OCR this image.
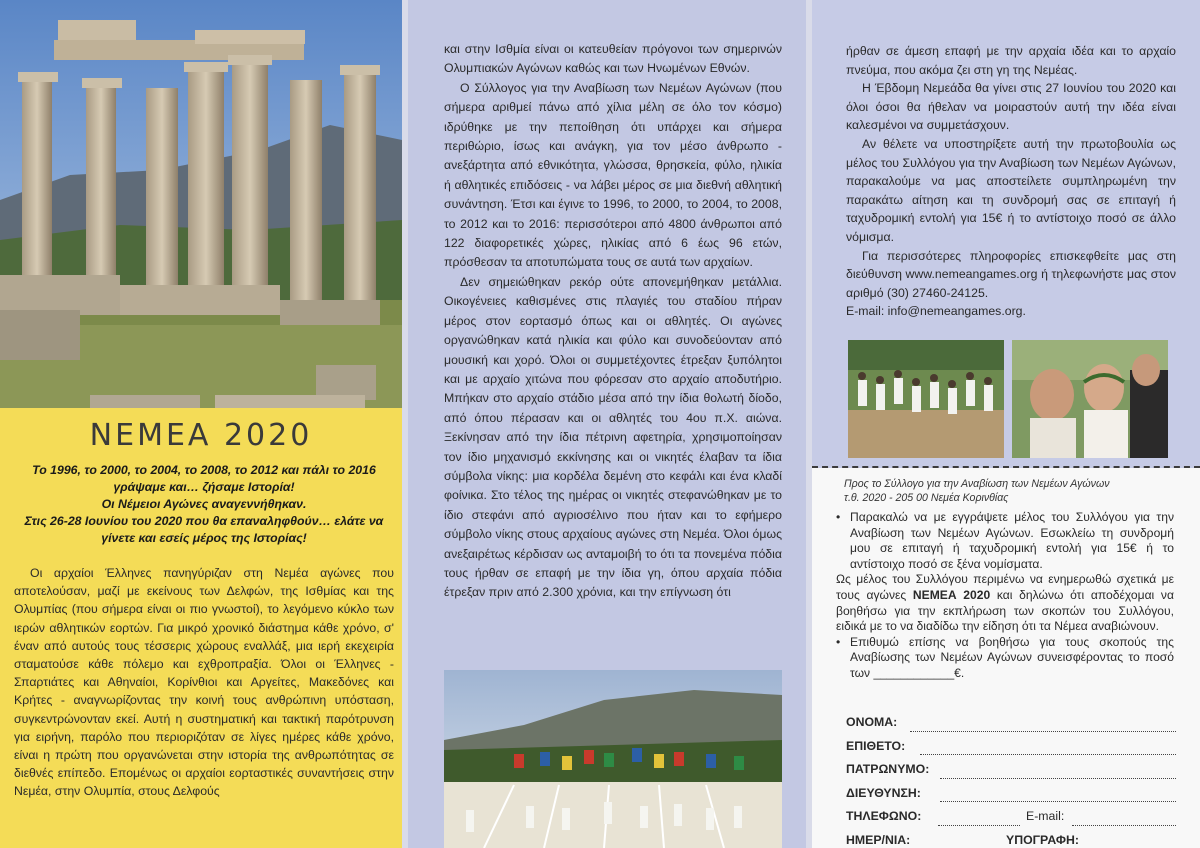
ΝΕΜΕΑ 2020

Το 1996, το 2000, το 2004, το 2008, το 2012 και πάλι το 2016 γράψαμε και… ζήσαμε Ιστορία!

Οι Νέμειοι Αγώνες αναγεννήθηκαν.

Στις 26-28 Ιουνίου του 2020 που θα επαναληφθούν… ελάτε να γίνετε και εσείς μέρος της Ιστορίας!

Οι αρχαίοι Έλληνες πανηγύριζαν στη Νεμέα αγώνες που αποτελούσαν, μαζί με εκείνους των Δελφών, της Ισθμίας και της Ολυμπίας (που σήμερα είναι οι πιο γνωστοί), το λεγόμενο κύκλο των ιερών αθλητικών εορτών. Για μικρό χρονικό διάστημα κάθε χρόνο, σ' έναν από αυτούς τους τέσσερις χώρους εναλλάξ, μια ιερή εκεχειρία σταματούσε κάθε πόλεμο και εχθροπραξία. Όλοι οι Έλληνες - Σπαρτιάτες και Αθηναίοι, Κορίνθιοι και Αργείτες, Μακεδόνες και Κρήτες - αναγνωρίζοντας την κοινή τους ανθρώπινη υπόσταση, συγκεντρώνονταν εκεί. Αυτή η συστηματική και τακτική παρότρυνση για ειρήνη, παρόλο που περιοριζόταν σε λίγες ημέρες κάθε χρόνο, είναι η πρώτη που οργανώνεται στην ιστορία της ανθρωπότητας σε διεθνές επίπεδο. Επομένως οι αρχαίοι εορταστικές συναντήσεις στην Νεμέα, στην Ολυμπία, στους Δελφούς

και στην Ισθμία είναι οι κατευθείαν πρόγονοι των σημερινών Ολυμπιακών Αγώνων καθώς και των Ηνωμένων Εθνών.

Ο Σύλλογος για την Αναβίωση των Νεμέων Αγώνων (που σήμερα αριθμεί πάνω από χίλια μέλη σε όλο τον κόσμο) ιδρύθηκε με την πεποίθηση ότι υπάρχει και σήμερα περιθώριο, ίσως και ανάγκη, για τον μέσο άνθρωπο - ανεξάρτητα από εθνικότητα, γλώσσα, θρησκεία, φύλο, ηλικία ή αθλητικές επιδόσεις - να λάβει μέρος σε μια διεθνή αθλητική συνάντηση. Έτσι και έγινε το 1996, το 2000, το 2004, το 2008, το 2012 και το 2016: περισσότεροι από 4800 άνθρωποι από 122 διαφορετικές χώρες, ηλικίας από 6 έως 96 ετών, πρόσθεσαν τα αποτυπώματα τους σε αυτά των αρχαίων.

Δεν σημειώθηκαν ρεκόρ ούτε απονεμήθηκαν μετάλλια. Οικογένειες καθισμένες στις πλαγιές του σταδίου πήραν μέρος στον εορτασμό όπως και οι αθλητές. Οι αγώνες οργανώθηκαν κατά ηλικία και φύλο και συνοδεύονταν από μουσική και χορό. Όλοι οι συμμετέχοντες έτρεξαν ξυπόλητοι και με αρχαίο χιτώνα που φόρεσαν στο αρχαίο αποδυτήριο. Μπήκαν στο αρχαίο στάδιο μέσα από την ίδια θολωτή δίοδο, από όπου πέρασαν και οι αθλητές του 4ου π.Χ. αιώνα. Ξεκίνησαν από την ίδια πέτρινη αφετηρία, χρησιμοποίησαν τον ίδιο μηχανισμό εκκίνησης και οι νικητές έλαβαν τα ίδια σύμβολα νίκης: μια κορδέλα δεμένη στο κεφάλι και ένα κλαδί φοίνικα. Στο τέλος της ημέρας οι νικητές στεφανώθηκαν με το ίδιο στεφάνι από αγριοσέλινο που ήταν και το εφήμερο σύμβολο νίκης στους αρχαίους αγώνες στη Νεμέα. Όλοι όμως ανεξαιρέτως κέρδισαν ως ανταμοιβή το ότι τα πονεμένα πόδια τους ήρθαν σε επαφή με την ίδια γη, όπου αρχαία πόδια έτρεξαν πριν από 2.300 χρόνια, και την επίγνωση ότι

ήρθαν σε άμεση επαφή με την αρχαία ιδέα και το αρχαίο πνεύμα, που ακόμα ζει στη γη της Νεμέας.

Η Έβδομη Νεμεάδα θα γίνει στις 27 Ιουνίου του 2020 και όλοι όσοι θα ήθελαν να μοιραστούν αυτή την ιδέα είναι καλεσμένοι να συμμετάσχουν.

Αν θέλετε να υποστηρίξετε αυτή την πρωτοβουλία ως μέλος του Συλλόγου για την Αναβίωση των Νεμέων Αγώνων, παρακαλούμε να μας αποστείλετε συμπληρωμένη την παρακάτω αίτηση και τη συνδρομή σας σε επιταγή ή ταχυδρομική εντολή για 15€ ή το αντίστοιχο ποσό σε άλλο νόμισμα.

Για περισσότερες πληροφορίες επισκεφθείτε μας στη διεύθυνση www.nemeangames.org ή τηλεφωνήστε μας στον αριθμό (30) 27460-24125.

E-mail: info@nemeangames.org.

Προς το Σύλλογο για την Αναβίωση των Νεμέων Αγώνων
τ.θ. 2020 - 205 00 Νεμέα Κορινθίας

• Παρακαλώ να με εγγράψετε μέλος του Συλλόγου για την Αναβίωση των Νεμέων Αγώνων. Εσωκλείω τη συνδρομή μου σε επιταγή ή ταχυδρομική εντολή για 15€ ή το αντίστοιχο ποσό σε ξένα νομίσματα.

Ως μέλος του Συλλόγου περιμένω να ενημερωθώ σχετικά με τους αγώνες ΝΕΜΕΑ 2020 και δηλώνω ότι αποδέχομαι να βοηθήσω για την εκπλήρωση των σκοπών του Συλλόγου, ειδικά με το να διαδίδω την είδηση ότι τα Νέμεα αναβιώνουν.

• Επιθυμώ επίσης να βοηθήσω για τους σκοπούς της Αναβίωσης των Νεμέων Αγώνων συνεισφέροντας το ποσό των ____________€.

ΟΝΟΜΑ:
ΕΠΙΘΕΤΟ:
ΠΑΤΡΩΝΥΜΟ:
ΔΙΕΥΘΥΝΣΗ:
ΤΗΛΕΦΩΝΟ:	E-mail:
ΗΜΕΡ/ΝΙΑ:	ΥΠΟΓΡΑΦΗ:
